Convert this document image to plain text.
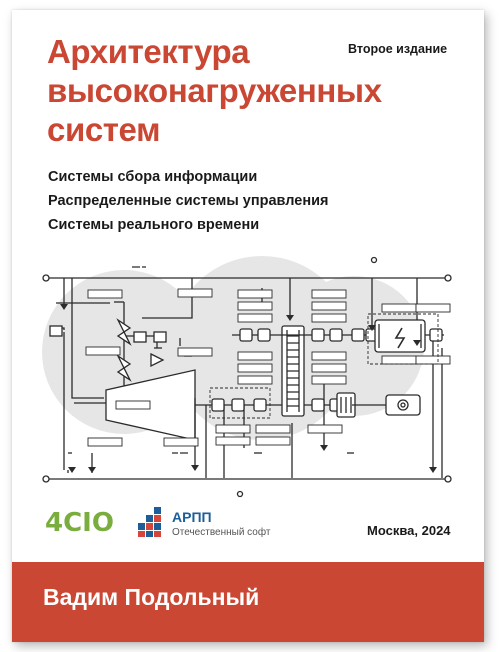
Архитектура
высоконагруженных
систем
Второе издание
Системы сбора информации
Распределенные системы управления
Системы реального времени
4CIO	АРПП
Отечественный софт	Москва, 2024
Вадим Подольный
